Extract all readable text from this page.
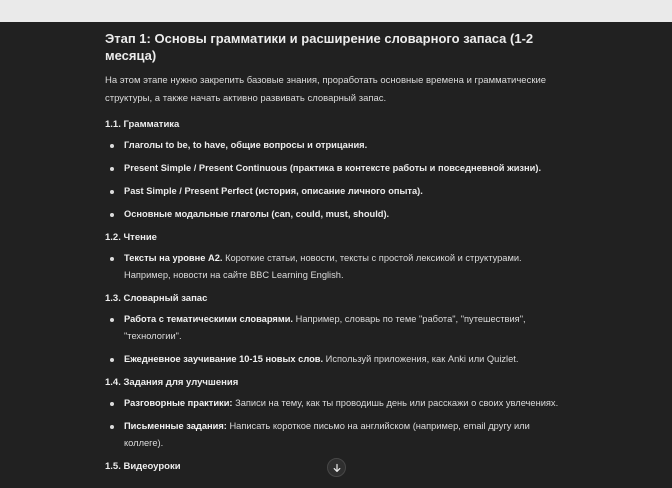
Этап 1: Основы грамматики и расширение словарного запаса (1-2 месяца)

На этом этапе нужно закрепить базовые знания, проработать основные времена и грамматические структуры, а также начать активно развивать словарный запас.

1.1. Грамматика
Глаголы to be, to have, общие вопросы и отрицания.
Present Simple / Present Continuous (практика в контексте работы и повседневной жизни).
Past Simple / Present Perfect (история, описание личного опыта).
Основные модальные глаголы (can, could, must, should).
1.2. Чтение
Тексты на уровне A2. Короткие статьи, новости, тексты с простой лексикой и структурами. Например, новости на сайте BBC Learning English.
1.3. Словарный запас
Работа с тематическими словарями. Например, словарь по теме "работа", "путешествия", "технологии".
Ежедневное заучивание 10-15 новых слов. Используй приложения, как Anki или Quizlet.
1.4. Задания для улучшения
Разговорные практики: Записи на тему, как ты проводишь день или расскажи о своих увлечениях.
Письменные задания: Написать короткое письмо на английском (например, email другу или коллеге).
1.5. Видеоуроки
